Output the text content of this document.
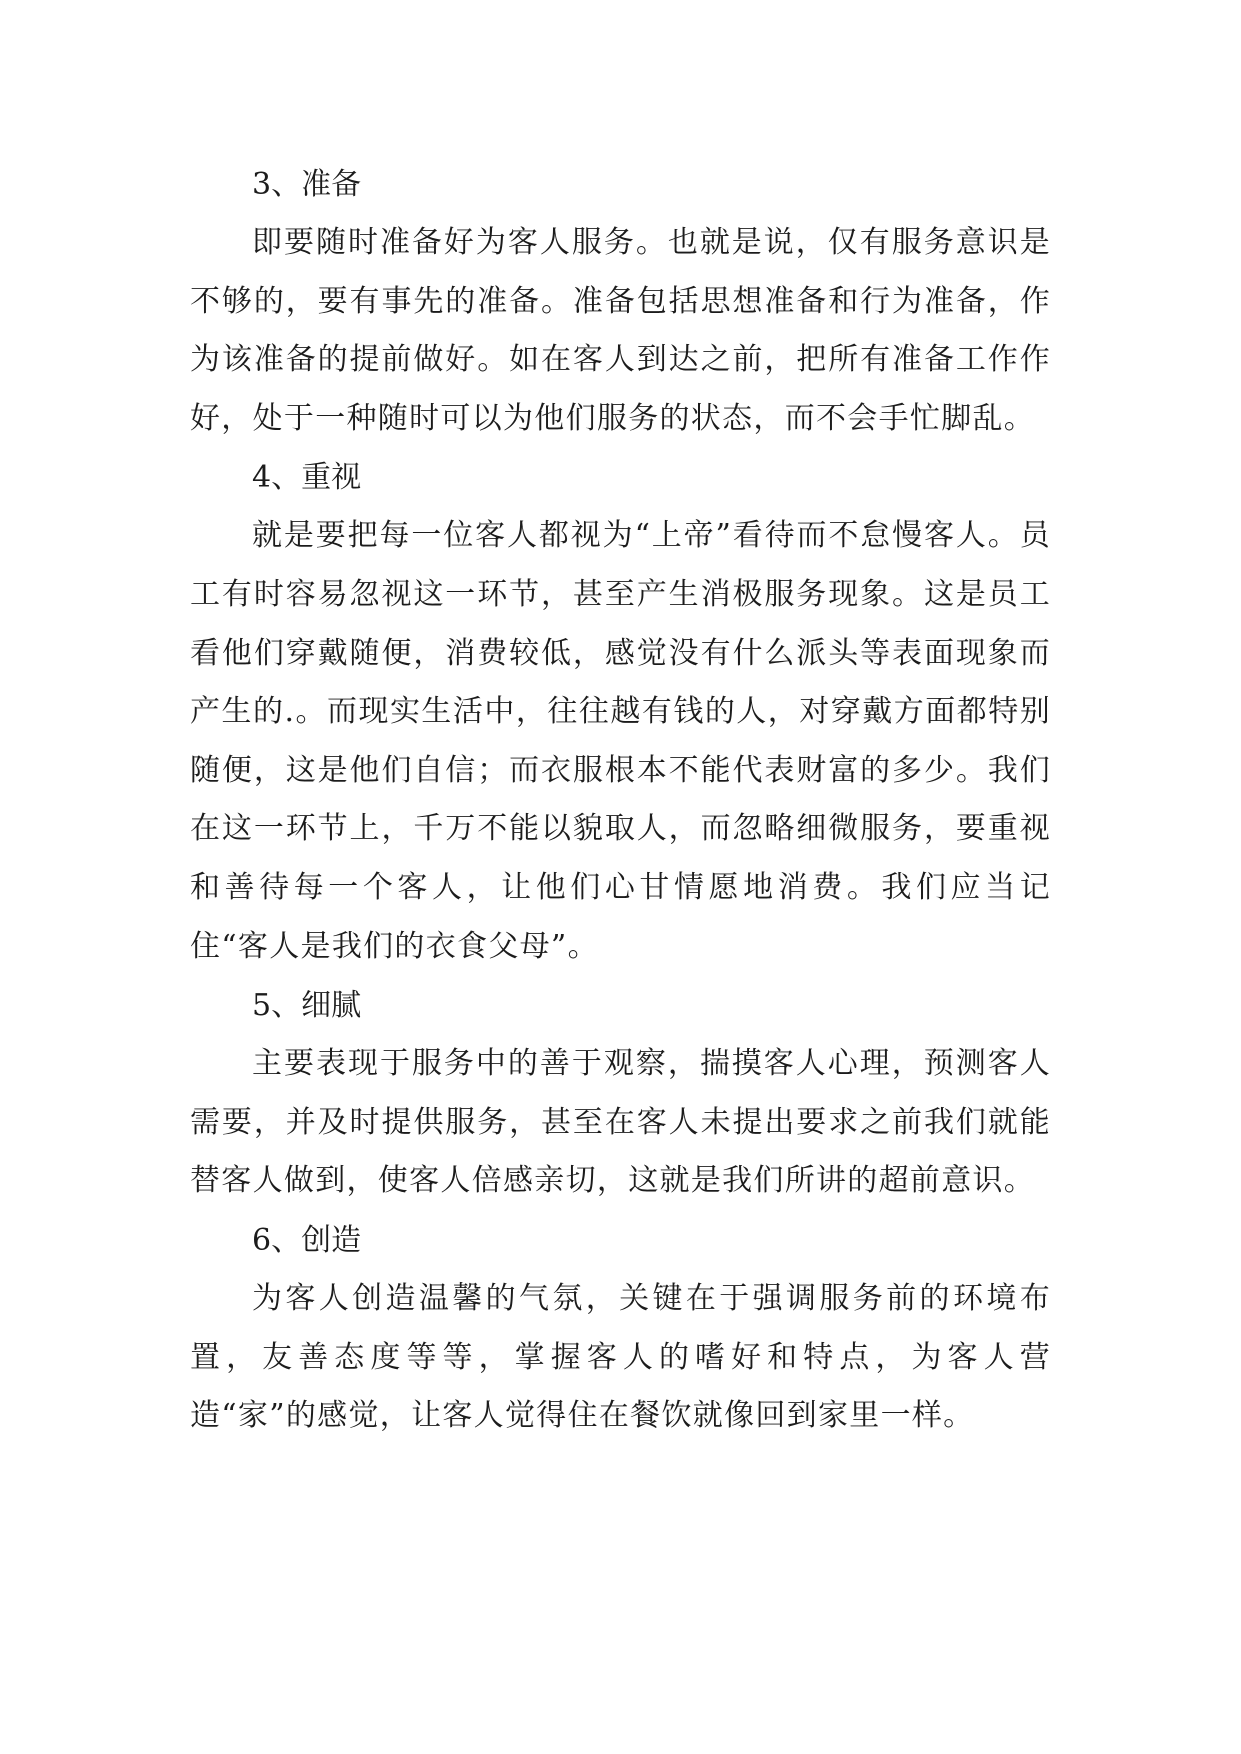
3、准备
即要随时准备好为客人服务。也就是说，仅有服务意识是不够的，要有事先的准备。准备包括思想准备和行为准备，作为该准备的提前做好。如在客人到达之前，把所有准备工作作好，处于一种随时可以为他们服务的状态，而不会手忙脚乱。
4、重视
就是要把每一位客人都视为“上帝”看待而不怠慢客人。员工有时容易忽视这一环节，甚至产生消极服务现象。这是员工看他们穿戴随便，消费较低，感觉没有什么派头等表面现象而产生的.。而现实生活中，往往越有钱的人，对穿戴方面都特别随便，这是他们自信；而衣服根本不能代表财富的多少。我们在这一环节上，千万不能以貌取人，而忽略细微服务，要重视和善待每一个客人，让他们心甘情愿地消费。我们应当记住“客人是我们的衣食父母”。
5、细腻
主要表现于服务中的善于观察，揣摸客人心理，预测客人需要，并及时提供服务，甚至在客人未提出要求之前我们就能替客人做到，使客人倍感亲切，这就是我们所讲的超前意识。
6、创造
为客人创造温馨的气氛，关键在于强调服务前的环境布置，友善态度等等，掌握客人的嗜好和特点，为客人营造“家”的感觉，让客人觉得住在餐饮就像回到家里一样。
